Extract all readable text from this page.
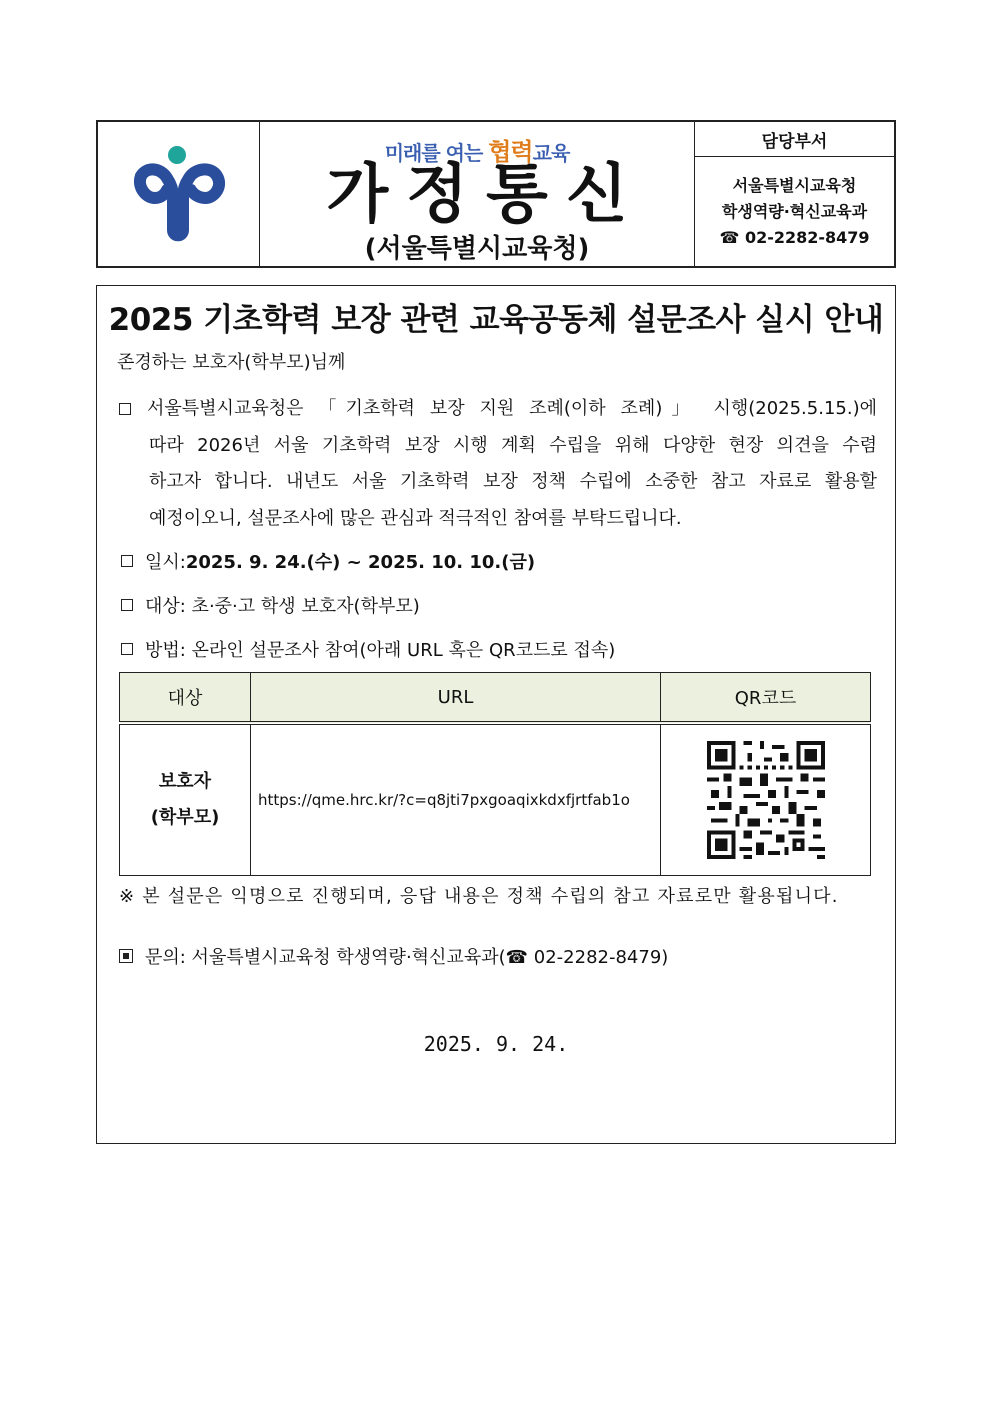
미래를 여는 협력교육
가정통신
(서울특별시교육청)
담당부서
서울특별시교육청
학생역량·혁신교육과
☎ 02-2282-8479
2025 기초학력 보장 관련 교육공동체 설문조사 실시 안내
존경하는 보호자(학부모)님께
서울특별시교육청은 「기초학력 보장 지원 조례(이하 조례)」 시행(2025.5.15.)에
따라 2026년 서울 기초학력 보장 시행 계획 수립을 위해 다양한 현장 의견을 수렴
하고자 합니다. 내년도 서울 기초학력 보장 정책 수립에 소중한 참고 자료로 활용할
예정이오니, 설문조사에 많은 관심과 적극적인 참여를 부탁드립니다.
일시: 2025. 9. 24.(수) ~ 2025. 10. 10.(금)
대상: 초·중·고 학생 보호자(학부모)
방법: 온라인 설문조사 참여(아래 URL 혹은 QR코드로 접속)
대상	URL	QR코드

보호자
(학부모)	https://qme.hrc.kr/?c=q8jti7pxgoaqixkdxfjrtfab1o	
※ 본 설문은 익명으로 진행되며, 응답 내용은 정책 수립의 참고 자료로만 활용됩니다.
문의: 서울특별시교육청 학생역량·혁신교육과(☎ 02-2282-8479)
2025. 9. 24.
